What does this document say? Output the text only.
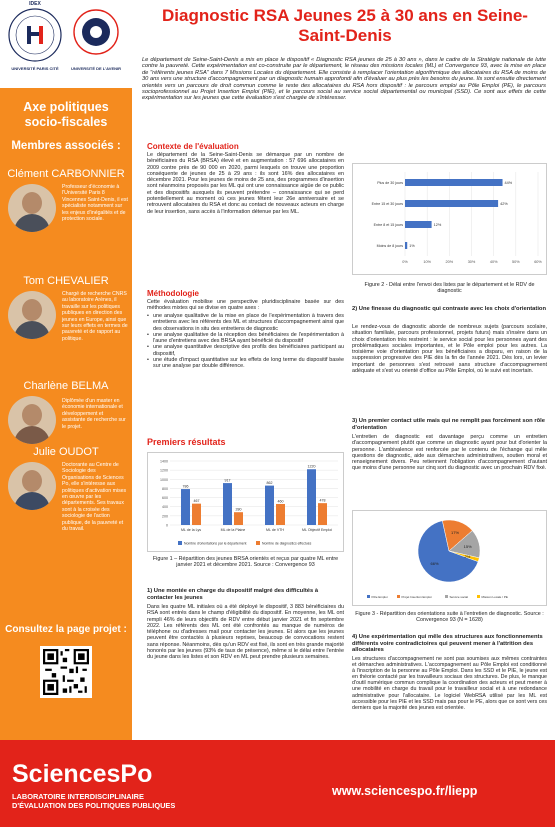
Axe politiques
socio-fiscales
Membres associés :
Clément CARBONNIER
Professeur d'économie à l'Université Paris 8 Vincennes Saint-Denis, il est spécialiste notamment sur les enjeux d'inégalités et de protection sociale.
Tom CHEVALIER
Chargé de recherche CNRS au laboratoire Arènes, il travaille sur les politiques publiques en direction des jeunes en Europe, ainsi que sur leurs effets en termes de pauvreté et de rapport au politique.
Charlène BELMA
Diplômée d'un master en économie internationale et développement et assistante de recherche sur le projet.
Julie OUDOT
Doctorante au Centre de Sociologie des Organisations de Sciences Po, elle s'intéresse aux politiques d'activation mises en œuvre par les départements. Ses travaux sont à la croisée des sociologie de l'action publique, de la pauvreté et du travail.
Consultez la page projet :
SciencesPo
LABORATOIRE INTERDISCIPLINAIRE
D'ÉVALUATION DES POLITIQUES PUBLIQUES
www.sciencespo.fr/liepp
Diagnostic RSA Jeunes 25 à 30 ans en Seine-Saint-Denis
Le département de Seine-Saint-Denis a mis en place le dispositif « Diagnostic RSA jeunes de 25 à 30 ans », dans le cadre de la Stratégie nationale de lutte contre la pauvreté. Cette expérimentation est co-construite par le département, le réseau des missions locales (ML) et Convergence 93, avec la mise en place de "référents jeunes RSA" dans 7 Missions Locales du département. Elle consiste à remplacer l'orientation algorithmique des allocataires du RSA de moins de 30 ans vers une structure d'accompagnement par un diagnostic humain approfondi afin d'évaluer au plus près les besoins du jeune. Ils sont ensuite directement orientés vers un parcours de droit commun comme le reste des allocataires du RSA hors dispositif : le parcours emploi au Pôle Emploi (PE), le parcours socioprofessionnel au Projet Insertion Emploi (PIE), et le parcours social au service social départemental ou municipal (SSD). Ce sont aux effets de cette expérimentation sur les jeunes que cette évaluation s'est chargée de s'intéresser.
Contexte de l'évaluation
Le département de la Seine-Saint-Denis se démarque par un nombre de bénéficiaires du RSA (BRSA) élevé et en augmentation : 57 696 allocataires en 2009 contre près de 90 000 en 2020, parmi lesquels on trouve une proportion conséquente de jeunes de 25 à 29 ans : ils sont 16% des allocataires en décembre 2021. Pour les jeunes de moins de 25 ans, des programmes d'insertion sont néanmoins proposés par les ML qui ont une connaissance aigüe de ce public et des dispositifs auxquels ils peuvent prétendre – connaissance qui se perd potentiellement au moment où ces jeunes fêtent leur 26e anniversaire et se retrouvent allocataires du RSA et donc au contact de nouveaux acteurs en charge de leur insertion, sans accès à l'information détenue par les ML.
Méthodologie
Cette évaluation mobilise une perspective pluridisciplinaire basée sur des méthodes mixtes qui se divise en quatre axes :
• une analyse qualitative de la mise en place de l'expérimentation à travers des entretiens avec les référents des ML et structures d'accompagnement ainsi que des observations in situ des entretiens de diagnostic
• une analyse qualitative de la réception des bénéficiaires de l'expérimentation à l'aune d'entretiens avec des BRSA ayant bénéficié du dispositif
• une analyse quantitative descriptive des profils des bénéficiaires participant au dispositif,
• une étude d'impact quantitative sur les effets de long terme du dispositif basée sur une analyse par double différence.
Premiers résultats
0
200
400
600
800
1000
1200
1400
786
467
ML de la Lys
917
280
ML de la Plaine
862
460
ML de VTH
1220
478
ML Objectif Emploi
Nombre d'orientations par le département	Nombre de diagnostics effectués
Figure 1 – Répartition des jeunes BRSA orientés et reçus par quatre ML entre janvier 2021 et décembre 2021. Source : Convergence 93
1) Une montée en charge du dispositif malgré des difficultés à contacter les jeunes
Dans les quatre ML initiales où a été déployé le dispositif, 3 883 bénéficiaires du RSA sont entrés dans le champ d'éligibilité du dispositif. En moyenne, les ML ont rempli 46% de leurs objectifs de RDV entre début janvier 2021 et fin septembre 2022. Les référents des ML ont été confrontés au manque de numéros de téléphone ou d'adresses mail pour contacter les jeunes. Et alors que les jeunes peuvent être contactés à plusieurs reprises, beaucoup de convocations restent sans réponse. Néanmoins, dès qu'un RDV est fixé, ils sont en très grande majorité honorés par les jeunes (93% de taux de présence), même si le délai entre l'entrée du jeune dans les listes et son RDV en ML peut prendre plusieurs semaines.
0%	10%	20%	30%	40%	50%	60%
44%
Plus de 30 jours
42%
Entre 15 et 30 jours
12%
Entre 8 et 15 jours
1%
Moins de 8 jours
Figure 2 - Délai entre l'envoi des listes par le département et le RDV de diagnostic
2) Une finesse du diagnostic qui contraste avec les choix d'orientation
Le rendez-vous de diagnostic aborde de nombreux sujets (parcours scolaire, situation familiale, parcours professionnel, projets futurs) mais s'insère dans un choix d'orientation très restreint : le service social pour les personnes ayant des problématiques sociales importantes, et le Pôle emploi pour les autres. La troisième voie d'orientation pour les bénéficiaires a disparu, en raison de la suppression progressive des PIE dès la fin de l'année 2021. Dès lors, un levier important de personnes s'est retrouvé sans structure d'accompagnement adéquate et s'est vu orienté d'office au Pôle Emploi, où le suivi est incertain.
3) Un premier contact utile mais qui ne remplit pas forcément son rôle d'orientation
L'entretien de diagnostic est davantage perçu comme un entretien d'accompagnement plutôt que comme un diagnostic ayant pour but d'orienter la personne. L'ambivalence est renforcée par le contenu de l'échange qui mêle questions de diagnostic, aide aux démarches administratives, soutien moral et renseignement divers. Peu retiennent l'obligation d'accompagnement d'autant que moins d'une personne sur cinq sort du diagnostic avec un prochain RDV fixé.
66%
17%
15%
2%
Pôle Emploi	Projet Insertion Emploi	Service social	Mission Locale / PE
Figure 3 - Répartition des orientations suite à l'entretien de diagnostic. Source : Convergence 93 (N = 1628)
4) Une expérimentation qui mêle des structures aux fonctionnements différents voire contradictoires qui peuvent mener à l'attrition des allocataires
Les structures d'accompagnement ne sont pas soumises aux mêmes contraintes et démarches administratives. L'accompagnement au Pôle Emploi est conditionné à l'inscription de la personne au Pôle Emploi. Dans les SSD et le PIE, le jeune est en théorie contacté par les travailleurs sociaux des structures. De plus, le manque d'outil numérique commun complique la coordination des acteurs et peut mener à une mobilité en charge du travail pour le travailleur social et à une redondance administrative pour l'allocataire. Le logiciel WebRSA utilisé par les ML est accessible pour les PIE et les SSD mais pas pour le PE, alors que ce sont vers ces derniers que la majorité des jeunes est orientée.
UNIVERSITÉ PARIS CITÉ	UNIVERSITÉ DE L'AVENIR
IDEX
